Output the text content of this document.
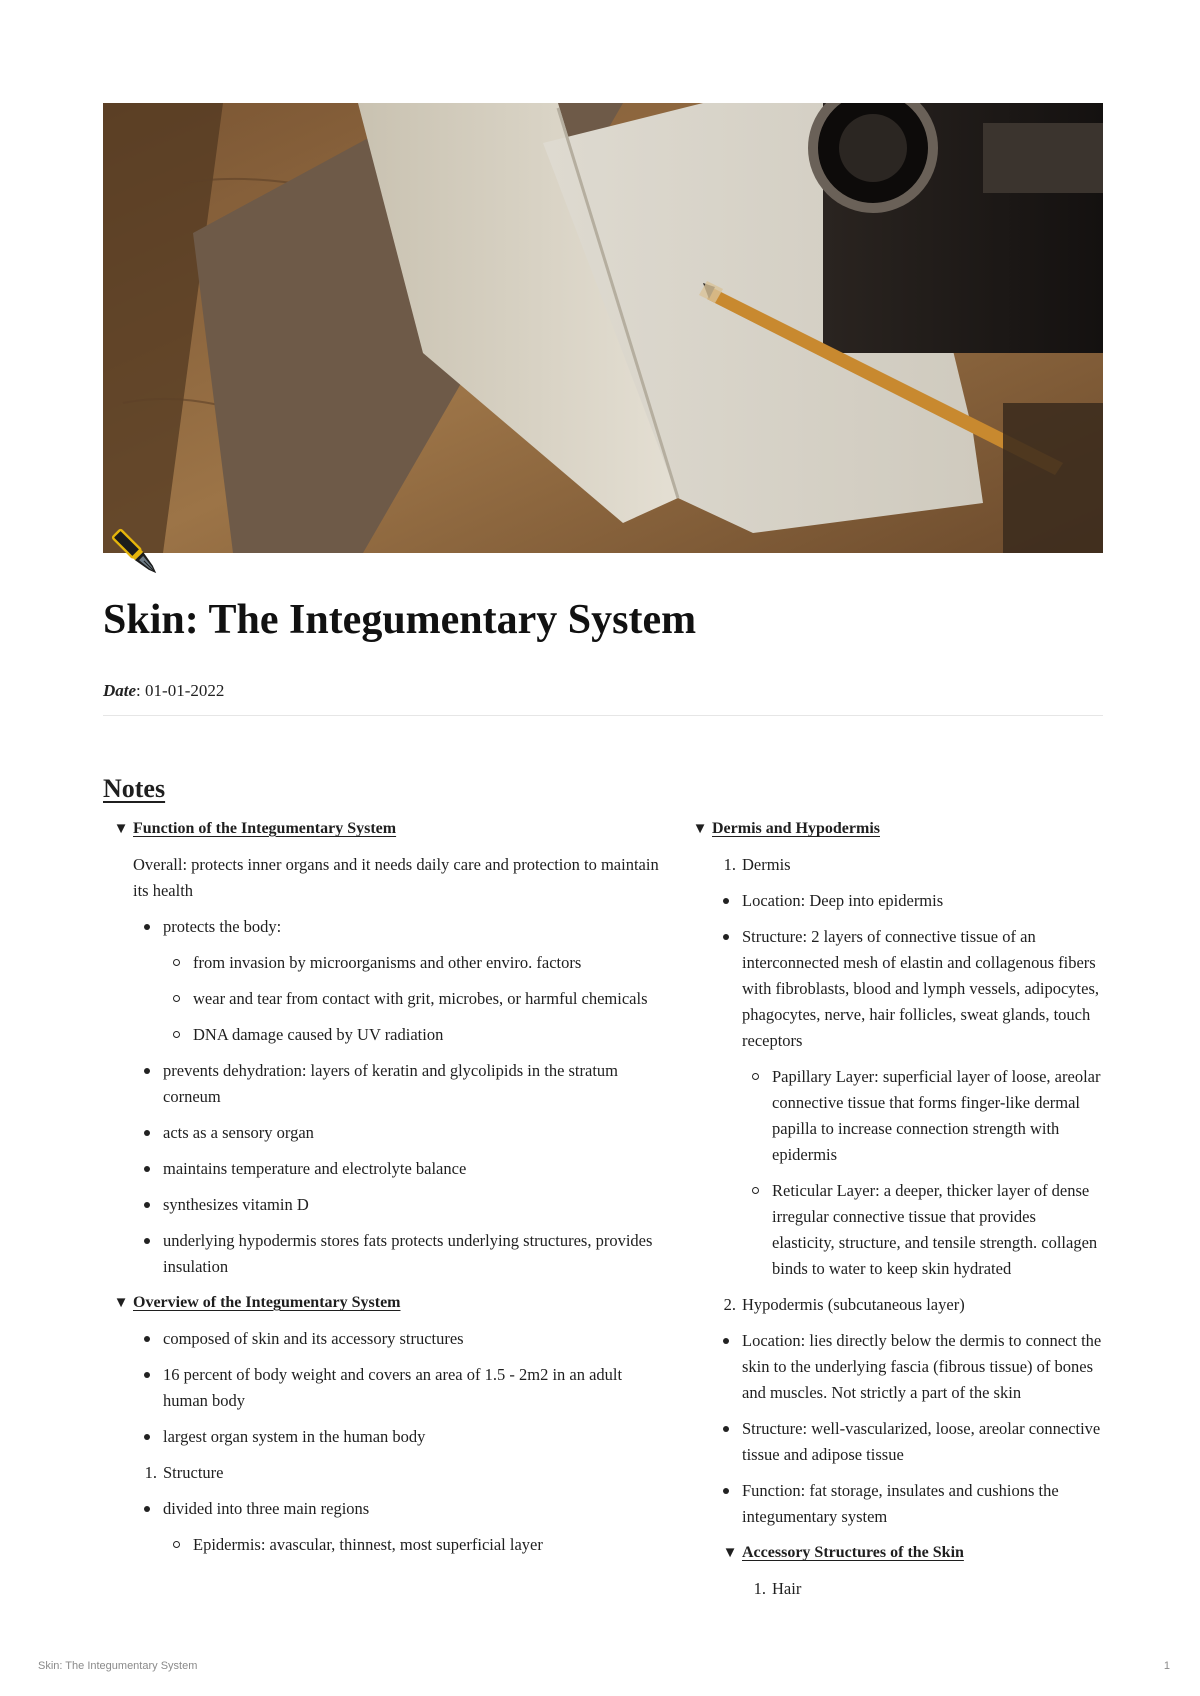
Skin: The Integumentary System
Date: 01-01-2022
Notes
▼ Function of the Integumentary System

Overall: protects inner organs and it needs daily care and protection to maintain its health

protects the body:
from invasion by microorganisms and other enviro. factors
wear and tear from contact with grit, microbes, or harmful chemicals
DNA damage caused by UV radiation
prevents dehydration: layers of keratin and glycolipids in the stratum corneum
acts as a sensory organ
maintains temperature and electrolyte balance
synthesizes vitamin D
underlying hypodermis stores fats protects underlying structures, provides insulation
▼ Overview of the Integumentary System
composed of skin and its accessory structures
16 percent of body weight and covers an area of 1.5 - 2m2 in an adult human body
largest organ system in the human body
1. Structure
divided into three main regions
Epidermis: avascular, thinnest, most superficial layer
▼ Dermis and Hypodermis
1. Dermis
Location: Deep into epidermis
Structure: 2 layers of connective tissue of an interconnected mesh of elastin and collagenous fibers with fibroblasts, blood and lymph vessels, adipocytes, phagocytes, nerve, hair follicles, sweat glands, touch receptors
Papillary Layer: superficial layer of loose, areolar connective tissue that forms finger-like dermal papilla to increase connection strength with epidermis
Reticular Layer: a deeper, thicker layer of dense irregular connective tissue that provides elasticity, structure, and tensile strength. collagen binds to water to keep skin hydrated
2. Hypodermis (subcutaneous layer)
Location: lies directly below the dermis to connect the skin to the underlying fascia (fibrous tissue) of bones and muscles. Not strictly a part of the skin
Structure: well-vascularized, loose, areolar connective tissue and adipose tissue
Function: fat storage, insulates and cushions the integumentary system
▼ Accessory Structures of the Skin
1. Hair
Skin: The Integumentary System	1
